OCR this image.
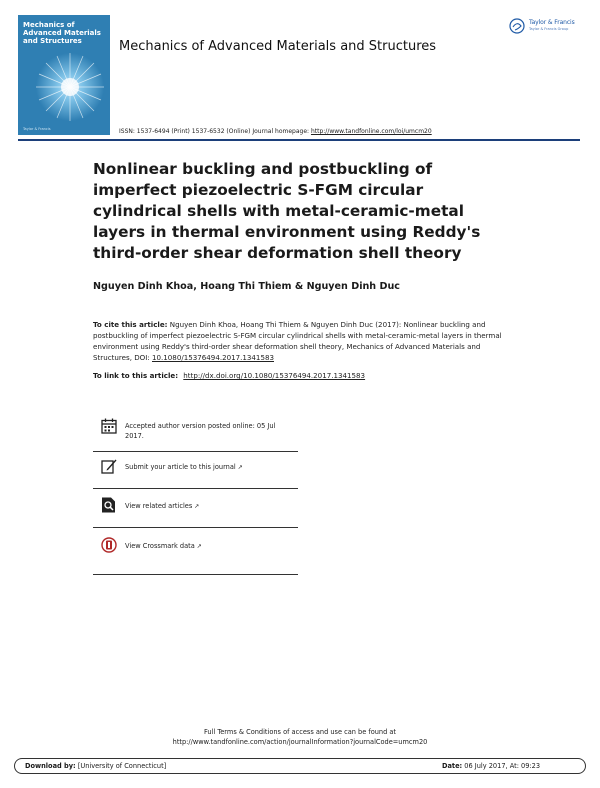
Mechanics of Advanced Materials and Structures
Taylor & Francis
Mechanics of Advanced Materials and Structures
Taylor & Francis
Taylor & Francis Group
ISSN: 1537-6494 (Print) 1537-6532 (Online) Journal homepage: http://www.tandfonline.com/loi/umcm20
Nonlinear buckling and postbuckling of imperfect piezoelectric S-FGM circular cylindrical shells with metal-ceramic-metal layers in thermal environment using Reddy's third-order shear deformation shell theory
Nguyen Dinh Khoa, Hoang Thi Thiem & Nguyen Dinh Duc
To cite this article: Nguyen Dinh Khoa, Hoang Thi Thiem & Nguyen Dinh Duc (2017): Nonlinear buckling and postbuckling of imperfect piezoelectric S-FGM circular cylindrical shells with metal-ceramic-metal layers in thermal environment using Reddy's third-order shear deformation shell theory, Mechanics of Advanced Materials and Structures, DOI: 10.1080/15376494.2017.1341583
To link to this article: http://dx.doi.org/10.1080/15376494.2017.1341583
Accepted author version posted online: 05 Jul 2017.
Submit your article to this journal ↗
View related articles ↗
View Crossmark data ↗
Full Terms & Conditions of access and use can be found at
http://www.tandfonline.com/action/journalInformation?journalCode=umcm20
Download by: [University of Connecticut]	Date: 06 July 2017, At: 09:23
